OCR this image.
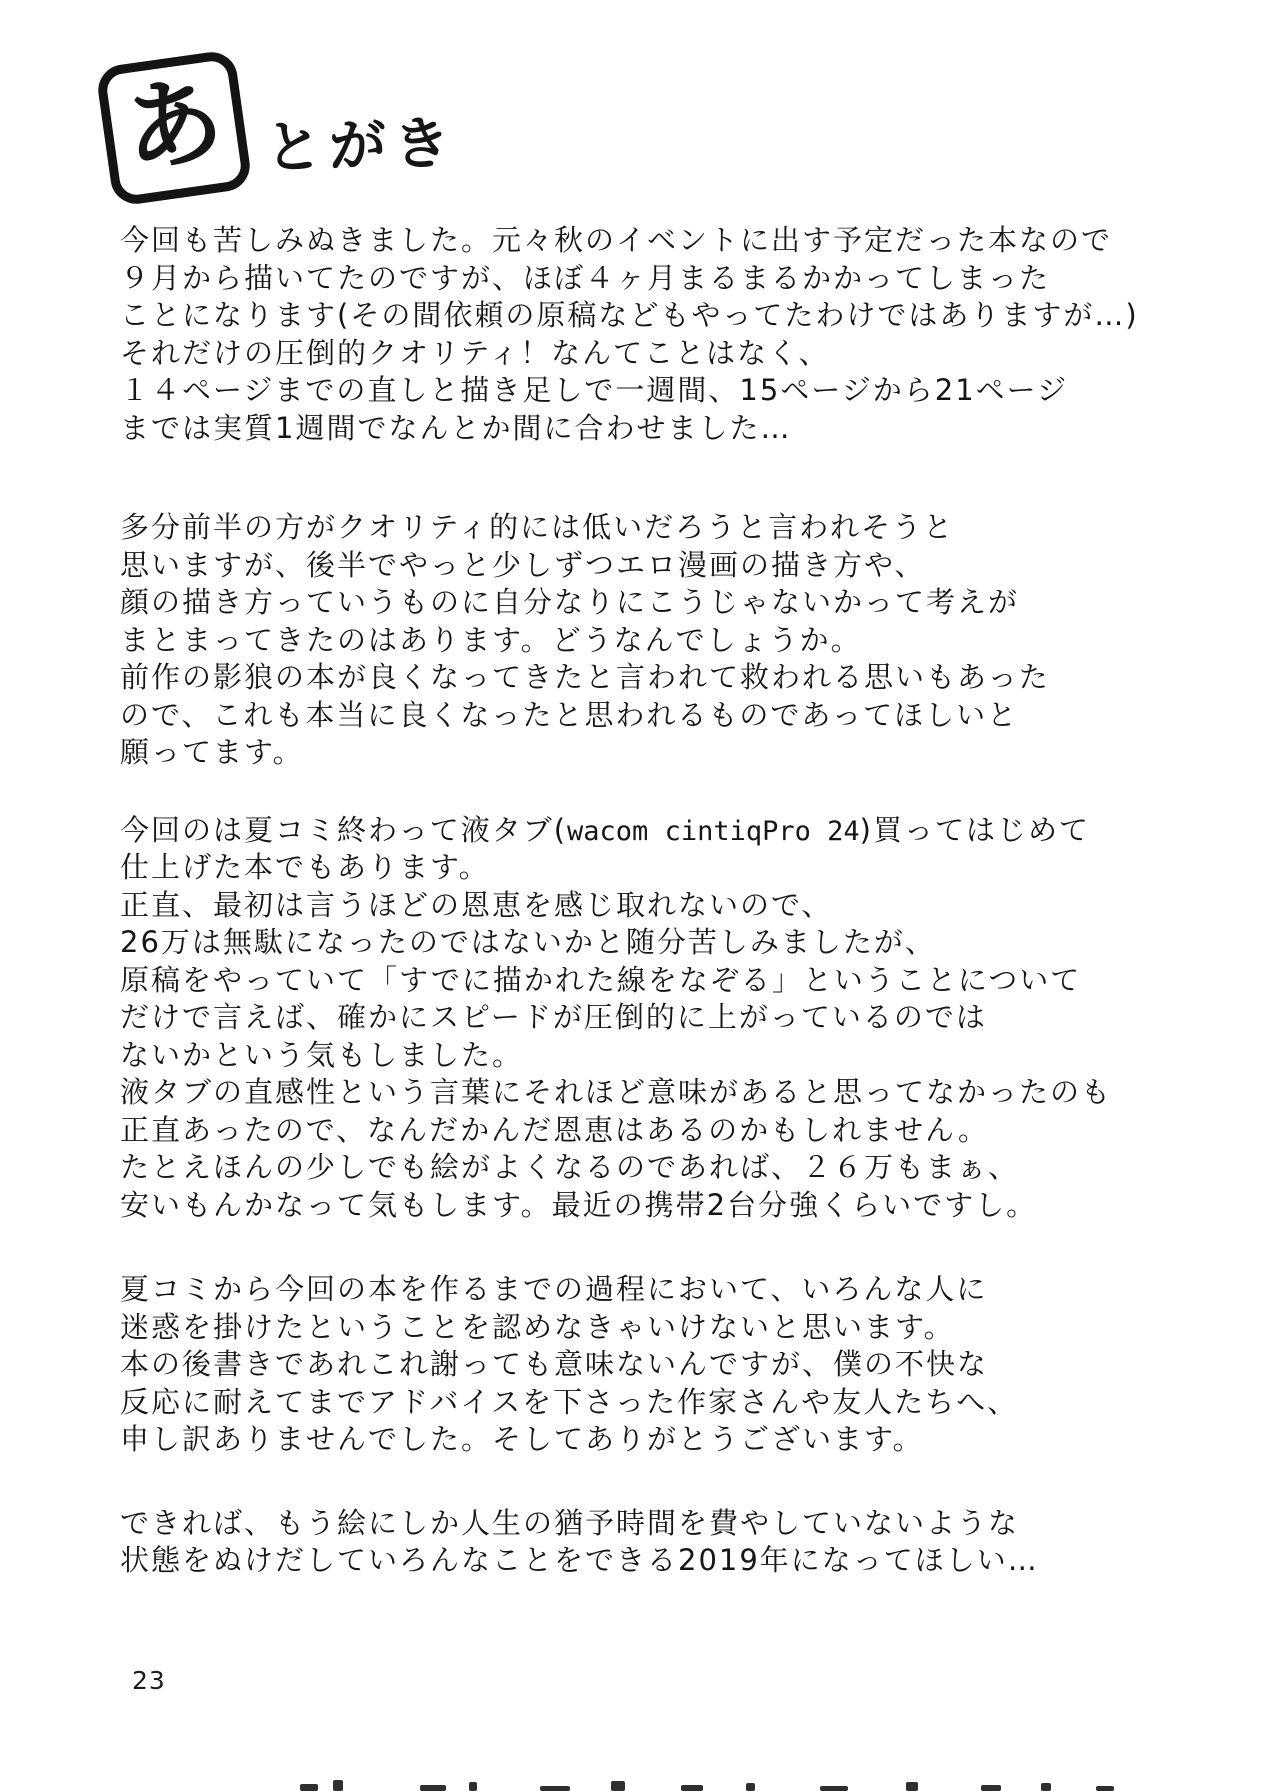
あ とがき
今回も苦しみぬきました。元々秋のイベントに出す予定だった本なので
９月から描いてたのですが、ほぼ４ヶ月まるまるかかってしまった
ことになります(その間依頼の原稿などもやってたわけではありますが…)
それだけの圧倒的クオリティ！なんてことはなく、
１４ページまでの直しと描き足しで一週間、15ページから21ページ
までは実質1週間でなんとか間に合わせました…
多分前半の方がクオリティ的には低いだろうと言われそうと
思いますが、後半でやっと少しずつエロ漫画の描き方や、
顔の描き方っていうものに自分なりにこうじゃないかって考えが
まとまってきたのはあります。どうなんでしょうか。
前作の影狼の本が良くなってきたと言われて救われる思いもあった
ので、これも本当に良くなったと思われるものであってほしいと
願ってます。
今回のは夏コミ終わって液タブ(wacom cintiqPro 24)買ってはじめて
仕上げた本でもあります。
正直、最初は言うほどの恩恵を感じ取れないので、
26万は無駄になったのではないかと随分苦しみましたが、
原稿をやっていて「すでに描かれた線をなぞる」ということについて
だけで言えば、確かにスピードが圧倒的に上がっているのでは
ないかという気もしました。
液タブの直感性という言葉にそれほど意味があると思ってなかったのも
正直あったので、なんだかんだ恩恵はあるのかもしれません。
たとえほんの少しでも絵がよくなるのであれば、２６万もまぁ、
安いもんかなって気もします。最近の携帯2台分強くらいですし。
夏コミから今回の本を作るまでの過程において、いろんな人に
迷惑を掛けたということを認めなきゃいけないと思います。
本の後書きであれこれ謝っても意味ないんですが、僕の不快な
反応に耐えてまでアドバイスを下さった作家さんや友人たちへ、
申し訳ありませんでした。そしてありがとうございます。
できれば、もう絵にしか人生の猶予時間を費やしていないような
状態をぬけだしていろんなことをできる2019年になってほしい…
23
